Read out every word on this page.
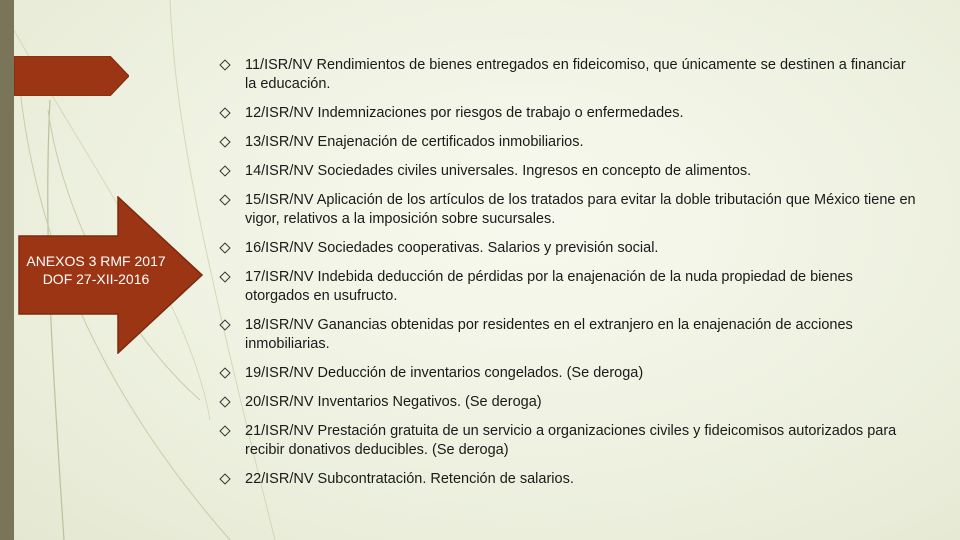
ANEXOS 3 RMF 2017 DOF 27-XII-2016
11/ISR/NV Rendimientos de bienes entregados en fideicomiso, que únicamente se destinen a financiar la educación.
12/ISR/NV Indemnizaciones por riesgos de trabajo o enfermedades.
13/ISR/NV Enajenación de certificados inmobiliarios.
14/ISR/NV Sociedades civiles universales. Ingresos en concepto de alimentos.
15/ISR/NV Aplicación de los artículos de los tratados para evitar la doble tributación que México tiene en vigor, relativos a la imposición sobre sucursales.
16/ISR/NV Sociedades cooperativas. Salarios y previsión social.
17/ISR/NV Indebida deducción de pérdidas por la enajenación de la nuda propiedad de bienes otorgados en usufructo.
18/ISR/NV Ganancias obtenidas por residentes en el extranjero en la enajenación de acciones inmobiliarias.
19/ISR/NV Deducción de inventarios congelados. (Se deroga)
20/ISR/NV Inventarios Negativos. (Se deroga)
21/ISR/NV Prestación gratuita de un servicio a organizaciones civiles y fideicomisos autorizados para recibir donativos deducibles. (Se deroga)
22/ISR/NV Subcontratación. Retención de salarios.
